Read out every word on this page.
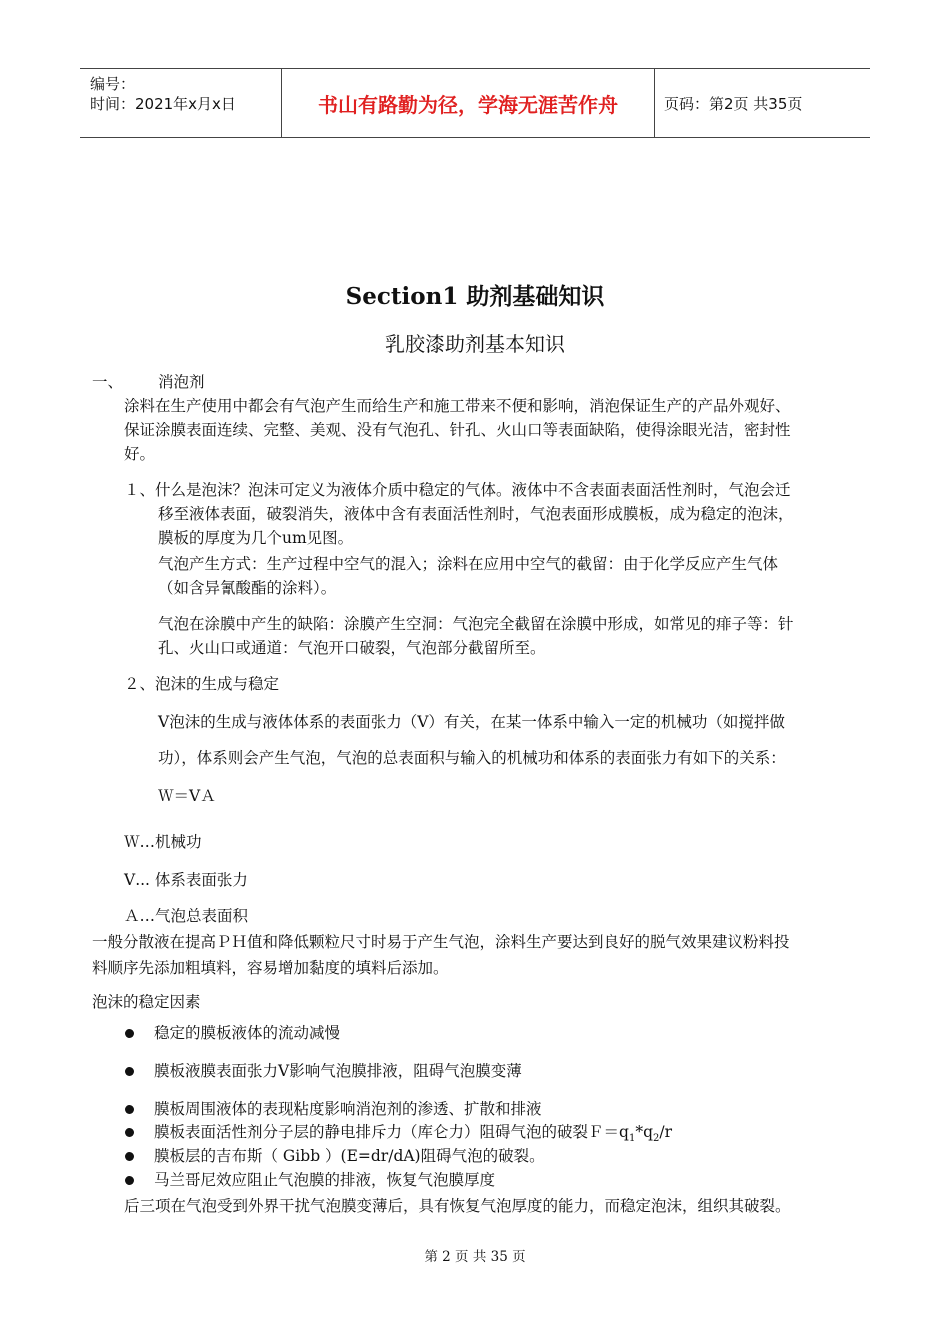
编号：
时间：2021年x月x日	书山有路勤为径，学海无涯苦作舟	页码：第2页 共35页
Section1 助剂基础知识
乳胶漆助剂基本知识
一、 消泡剂
涂料在生产使用中都会有气泡产生而给生产和施工带来不便和影响，消泡保证生产的产品外观好、
保证涂膜表面连续、完整、美观、没有气泡孔、针孔、火山口等表面缺陷，使得涂眼光洁，密封性
好。
１、什么是泡沫？泡沫可定义为液体介质中稳定的气体。液体中不含表面表面活性剂时，气泡会迁
移至液体表面，破裂消失，液体中含有表面活性剂时，气泡表面形成膜板，成为稳定的泡沫，
膜板的厚度为几个um见图。
气泡产生方式：生产过程中空气的混入；涂料在应用中空气的截留：由于化学反应产生气体
（如含异氰酸酯的涂料）。
气泡在涂膜中产生的缺陷：涂膜产生空洞：气泡完全截留在涂膜中形成，如常见的痱子等：针
孔、火山口或通道：气泡开口破裂，气泡部分截留所至。
２、泡沫的生成与稳定
Ⅴ泡沫的生成与液体体系的表面张力（Ⅴ）有关，在某一体系中输入一定的机械功（如搅拌做
功），体系则会产生气泡，气泡的总表面积与输入的机械功和体系的表面张力有如下的关系：
Ｗ＝ⅤＡ
Ｗ…机械功
Ⅴ... 体系表面张力
Ａ…气泡总表面积
一般分散液在提高ＰＨ值和降低颗粒尺寸时易于产生气泡，涂料生产要达到良好的脱气效果建议粉料投
料顺序先添加粗填料，容易增加黏度的填料后添加。
泡沫的稳定因素
稳定的膜板液体的流动减慢
膜板液膜表面张力Ⅴ影响气泡膜排液，阻碍气泡膜变薄
膜板周围液体的表现粘度影响消泡剂的渗透、扩散和排液
膜板表面活性剂分子层的静电排斥力（库仑力）阻碍气泡的破裂$F=q_1*q_2/r$
膜板层的吉布斯（ Gibb ）(E=dr/dA)阻碍气泡的破裂。
马兰哥尼效应阻止气泡膜的排液，恢复气泡膜厚度
后三项在气泡受到外界干扰气泡膜变薄后，具有恢复气泡厚度的能力，而稳定泡沫，组织其破裂。
第 2 页 共 35 页
